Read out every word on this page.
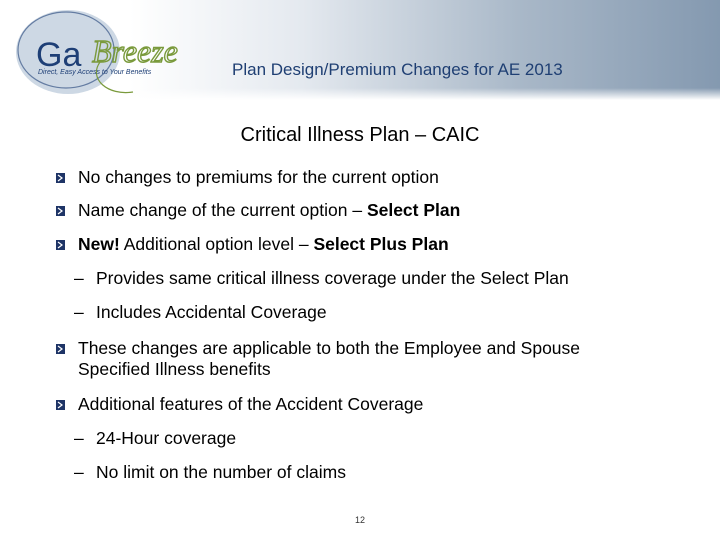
Ga Breeze
Direct, Easy Access to Your Benefits	Plan Design/Premium Changes for AE 2013
Critical Illness Plan – CAIC
No changes to premiums for the current option
Name change of the current option – Select Plan
New! Additional option level – Select Plus Plan
– Provides same critical illness coverage under the Select Plan
– Includes Accidental Coverage
These changes are applicable to both the Employee and Spouse
Specified Illness benefits
Additional features of the Accident Coverage
– 24-Hour coverage
– No limit on the number of claims
12
